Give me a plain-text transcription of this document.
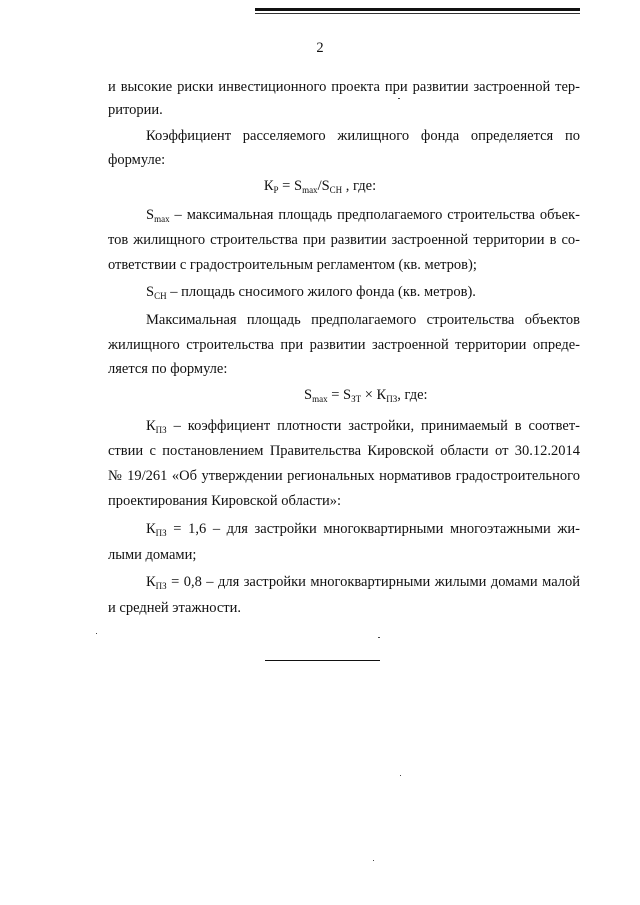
2
и высокие риски инвестиционного проекта при развитии застроенной тер-
ритории.
Коэффициент расселяемого жилищного фонда определяется по
формуле:
$К_Р = S_{max}/S_{СН}$ , где:
$S_{max}$ – максимальная площадь предполагаемого строительства объек-
тов жилищного строительства при развитии застроенной территории в со-
ответствии с градостроительным регламентом (кв. метров);
$S_{СН}$ – площадь сносимого жилого фонда (кв. метров).
Максимальная площадь предполагаемого строительства объектов
жилищного строительства при развитии застроенной территории опреде-
ляется по формуле:
$S_{max} = S_{ЗТ} \times К_{ПЗ}$, где:
$К_{ПЗ}$ – коэффициент плотности застройки, принимаемый в соответ-
ствии с постановлением Правительства Кировской области от 30.12.2014
№ 19/261 «Об утверждении региональных нормативов градостроительного
проектирования Кировской области»:
$К_{ПЗ} = 1,6$ – для застройки многоквартирными многоэтажными жи-
лыми домами;
$К_{ПЗ} = 0,8$ – для застройки многоквартирными жилыми домами малой
и средней этажности.
